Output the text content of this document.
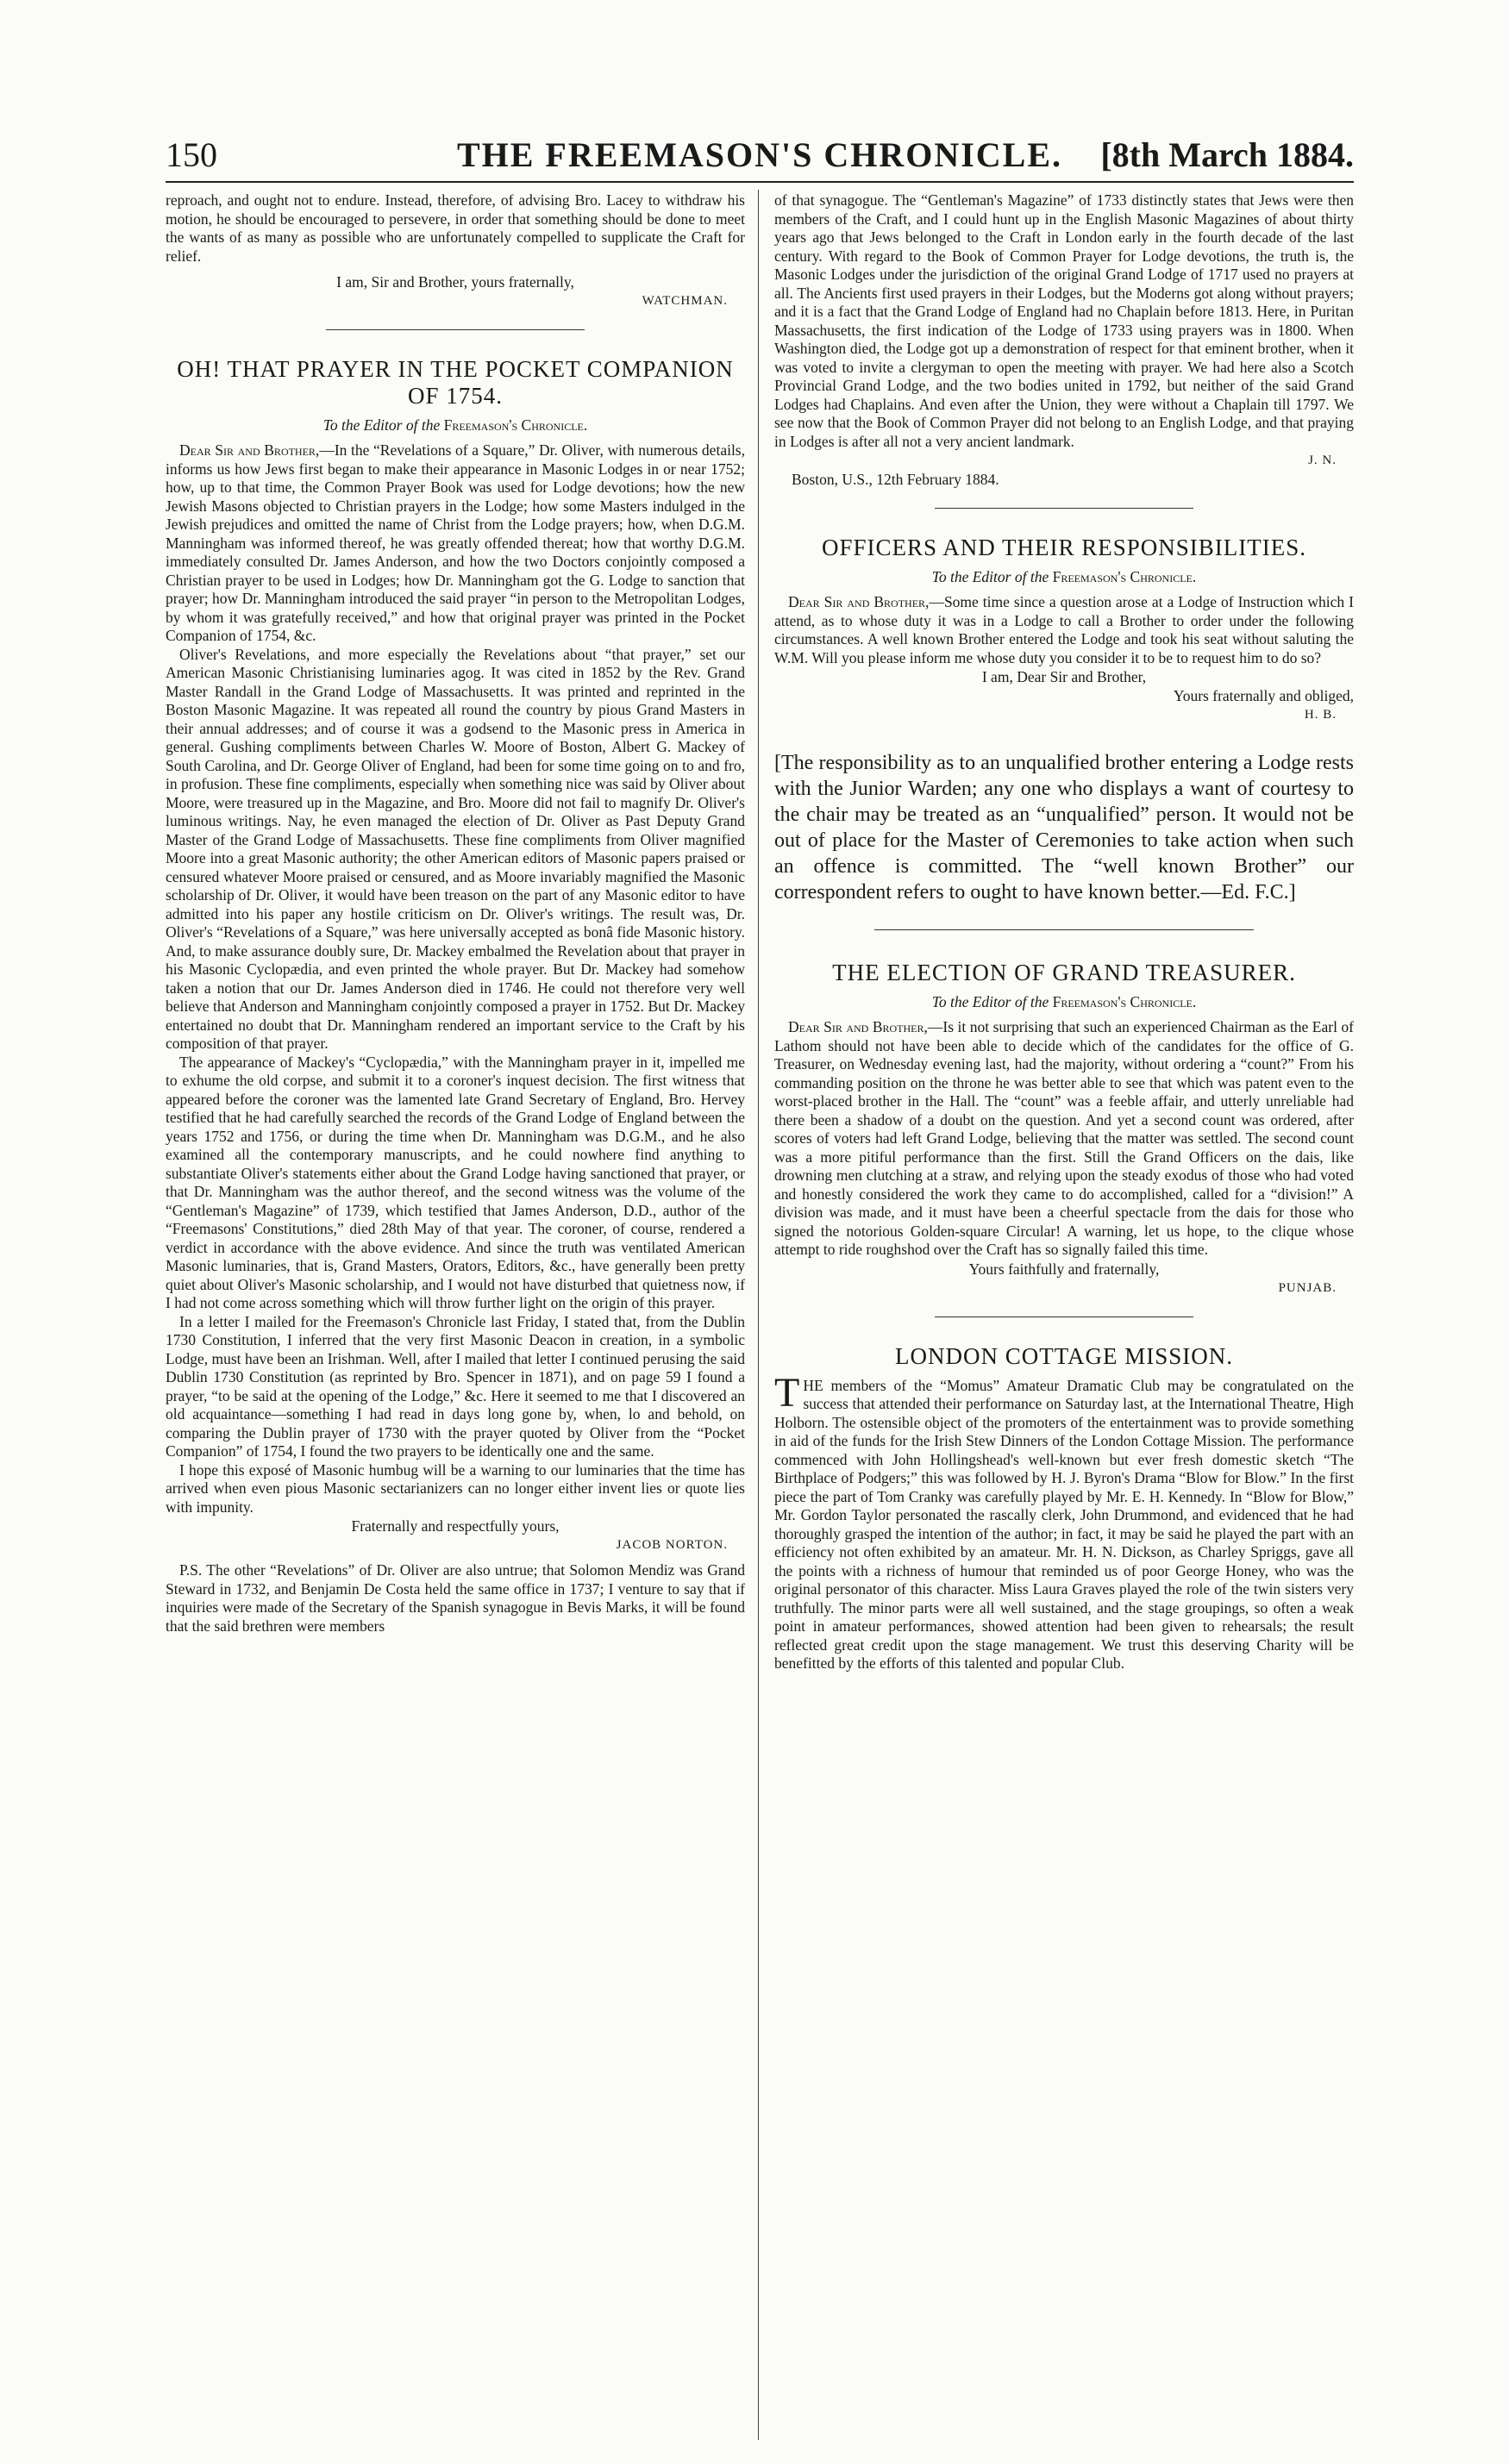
150	THE FREEMASON'S CHRONICLE.	[8th March 1884.

reproach, and ought not to endure. Instead, therefore, of advising Bro. Lacey to withdraw his motion, he should be encouraged to persevere, in order that something should be done to meet the wants of as many as possible who are unfortunately compelled to supplicate the Craft for relief.

I am, Sir and Brother, yours fraternally,
WATCHMAN.
OH! THAT PRAYER IN THE POCKET COMPANION OF 1754.
To the Editor of the Freemason's Chronicle.

Dear Sir and Brother,—In the “Revelations of a Square,” Dr. Oliver, with numerous details, informs us how Jews first began to make their appearance in Masonic Lodges in or near 1752; how, up to that time, the Common Prayer Book was used for Lodge devotions; how the new Jewish Masons objected to Christian prayers in the Lodge; how some Masters indulged in the Jewish prejudices and omitted the name of Christ from the Lodge prayers; how, when D.G.M. Manningham was informed thereof, he was greatly offended thereat; how that worthy D.G.M. immediately consulted Dr. James Anderson, and how the two Doctors conjointly composed a Christian prayer to be used in Lodges; how Dr. Manningham got the G. Lodge to sanction that prayer; how Dr. Manningham introduced the said prayer “in person to the Metropolitan Lodges, by whom it was gratefully received,” and how that original prayer was printed in the Pocket Companion of 1754, &c.

Oliver's Revelations, and more especially the Revelations about “that prayer,” set our American Masonic Christianising luminaries agog. It was cited in 1852 by the Rev. Grand Master Randall in the Grand Lodge of Massachusetts. It was printed and reprinted in the Boston Masonic Magazine. It was repeated all round the country by pious Grand Masters in their annual addresses; and of course it was a godsend to the Masonic press in America in general. Gushing compliments between Charles W. Moore of Boston, Albert G. Mackey of South Carolina, and Dr. George Oliver of England, had been for some time going on to and fro, in profusion. These fine compliments, especially when something nice was said by Oliver about Moore, were treasured up in the Magazine, and Bro. Moore did not fail to magnify Dr. Oliver's luminous writings. Nay, he even managed the election of Dr. Oliver as Past Deputy Grand Master of the Grand Lodge of Massachusetts. These fine compliments from Oliver magnified Moore into a great Masonic authority; the other American editors of Masonic papers praised or censured whatever Moore praised or censured, and as Moore invariably magnified the Masonic scholarship of Dr. Oliver, it would have been treason on the part of any Masonic editor to have admitted into his paper any hostile criticism on Dr. Oliver's writings. The result was, Dr. Oliver's “Revelations of a Square,” was here universally accepted as bonâ fide Masonic history. And, to make assurance doubly sure, Dr. Mackey embalmed the Revelation about that prayer in his Masonic Cyclopædia, and even printed the whole prayer. But Dr. Mackey had somehow taken a notion that our Dr. James Anderson died in 1746. He could not therefore very well believe that Anderson and Manningham conjointly composed a prayer in 1752. But Dr. Mackey entertained no doubt that Dr. Manningham rendered an important service to the Craft by his composition of that prayer.

The appearance of Mackey's “Cyclopædia,” with the Manningham prayer in it, impelled me to exhume the old corpse, and submit it to a coroner's inquest decision. The first witness that appeared before the coroner was the lamented late Grand Secretary of England, Bro. Hervey testified that he had carefully searched the records of the Grand Lodge of England between the years 1752 and 1756, or during the time when Dr. Manningham was D.G.M., and he also examined all the contemporary manuscripts, and he could nowhere find anything to substantiate Oliver's statements either about the Grand Lodge having sanctioned that prayer, or that Dr. Manningham was the author thereof, and the second witness was the volume of the “Gentleman's Magazine” of 1739, which testified that James Anderson, D.D., author of the “Freemasons' Constitutions,” died 28th May of that year. The coroner, of course, rendered a verdict in accordance with the above evidence. And since the truth was ventilated American Masonic luminaries, that is, Grand Masters, Orators, Editors, &c., have generally been pretty quiet about Oliver's Masonic scholarship, and I would not have disturbed that quietness now, if I had not come across something which will throw further light on the origin of this prayer.

In a letter I mailed for the Freemason's Chronicle last Friday, I stated that, from the Dublin 1730 Constitution, I inferred that the very first Masonic Deacon in creation, in a symbolic Lodge, must have been an Irishman. Well, after I mailed that letter I continued perusing the said Dublin 1730 Constitution (as reprinted by Bro. Spencer in 1871), and on page 59 I found a prayer, “to be said at the opening of the Lodge,” &c. Here it seemed to me that I discovered an old acquaintance—something I had read in days long gone by, when, lo and behold, on comparing the Dublin prayer of 1730 with the prayer quoted by Oliver from the “Pocket Companion” of 1754, I found the two prayers to be identically one and the same.

I hope this exposé of Masonic humbug will be a warning to our luminaries that the time has arrived when even pious Masonic sectarianizers can no longer either invent lies or quote lies with impunity.

Fraternally and respectfully yours,
JACOB NORTON.

P.S. The other “Revelations” of Dr. Oliver are also untrue; that Solomon Mendiz was Grand Steward in 1732, and Benjamin De Costa held the same office in 1737; I venture to say that if inquiries were made of the Secretary of the Spanish synagogue in Bevis Marks, it will be found that the said brethren were members

of that synagogue. The “Gentleman's Magazine” of 1733 distinctly states that Jews were then members of the Craft, and I could hunt up in the English Masonic Magazines of about thirty years ago that Jews belonged to the Craft in London early in the fourth decade of the last century. With regard to the Book of Common Prayer for Lodge devotions, the truth is, the Masonic Lodges under the jurisdiction of the original Grand Lodge of 1717 used no prayers at all. The Ancients first used prayers in their Lodges, but the Moderns got along without prayers; and it is a fact that the Grand Lodge of England had no Chaplain before 1813. Here, in Puritan Massachusetts, the first indication of the Lodge of 1733 using prayers was in 1800. When Washington died, the Lodge got up a demonstration of respect for that eminent brother, when it was voted to invite a clergyman to open the meeting with prayer. We had here also a Scotch Provincial Grand Lodge, and the two bodies united in 1792, but neither of the said Grand Lodges had Chaplains. And even after the Union, they were without a Chaplain till 1797. We see now that the Book of Common Prayer did not belong to an English Lodge, and that praying in Lodges is after all not a very ancient landmark.

J. N.
Boston, U.S., 12th February 1884.
OFFICERS AND THEIR RESPONSIBILITIES.
To the Editor of the Freemason's Chronicle.

Dear Sir and Brother,—Some time since a question arose at a Lodge of Instruction which I attend, as to whose duty it was in a Lodge to call a Brother to order under the following circumstances. A well known Brother entered the Lodge and took his seat without saluting the W.M. Will you please inform me whose duty you consider it to be to request him to do so?

I am, Dear Sir and Brother,
Yours fraternally and obliged,
H. B.
[The responsibility as to an unqualified brother entering a Lodge rests with the Junior Warden; any one who displays a want of courtesy to the chair may be treated as an “unqualified” person. It would not be out of place for the Master of Ceremonies to take action when such an offence is committed. The “well known Brother” our correspondent refers to ought to have known better.—Ed. F.C.]
THE ELECTION OF GRAND TREASURER.
To the Editor of the Freemason's Chronicle.

Dear Sir and Brother,—Is it not surprising that such an experienced Chairman as the Earl of Lathom should not have been able to decide which of the candidates for the office of G. Treasurer, on Wednesday evening last, had the majority, without ordering a “count?” From his commanding position on the throne he was better able to see that which was patent even to the worst-placed brother in the Hall. The “count” was a feeble affair, and utterly unreliable had there been a shadow of a doubt on the question. And yet a second count was ordered, after scores of voters had left Grand Lodge, believing that the matter was settled. The second count was a more pitiful performance than the first. Still the Grand Officers on the dais, like drowning men clutching at a straw, and relying upon the steady exodus of those who had voted and honestly considered the work they came to do accomplished, called for a “division!” A division was made, and it must have been a cheerful spectacle from the dais for those who signed the notorious Golden-square Circular! A warning, let us hope, to the clique whose attempt to ride roughshod over the Craft has so signally failed this time.

Yours faithfully and fraternally,
PUNJAB.
LONDON COTTAGE MISSION.

THE members of the “Momus” Amateur Dramatic Club may be congratulated on the success that attended their performance on Saturday last, at the International Theatre, High Holborn. The ostensible object of the promoters of the entertainment was to provide something in aid of the funds for the Irish Stew Dinners of the London Cottage Mission. The performance commenced with John Hollingshead's well-known but ever fresh domestic sketch “The Birthplace of Podgers;” this was followed by H. J. Byron's Drama “Blow for Blow.” In the first piece the part of Tom Cranky was carefully played by Mr. E. H. Kennedy. In “Blow for Blow,” Mr. Gordon Taylor personated the rascally clerk, John Drummond, and evidenced that he had thoroughly grasped the intention of the author; in fact, it may be said he played the part with an efficiency not often exhibited by an amateur. Mr. H. N. Dickson, as Charley Spriggs, gave all the points with a richness of humour that reminded us of poor George Honey, who was the original personator of this character. Miss Laura Graves played the role of the twin sisters very truthfully. The minor parts were all well sustained, and the stage groupings, so often a weak point in amateur performances, showed attention had been given to rehearsals; the result reflected great credit upon the stage management. We trust this deserving Charity will be benefitted by the efforts of this talented and popular Club.
